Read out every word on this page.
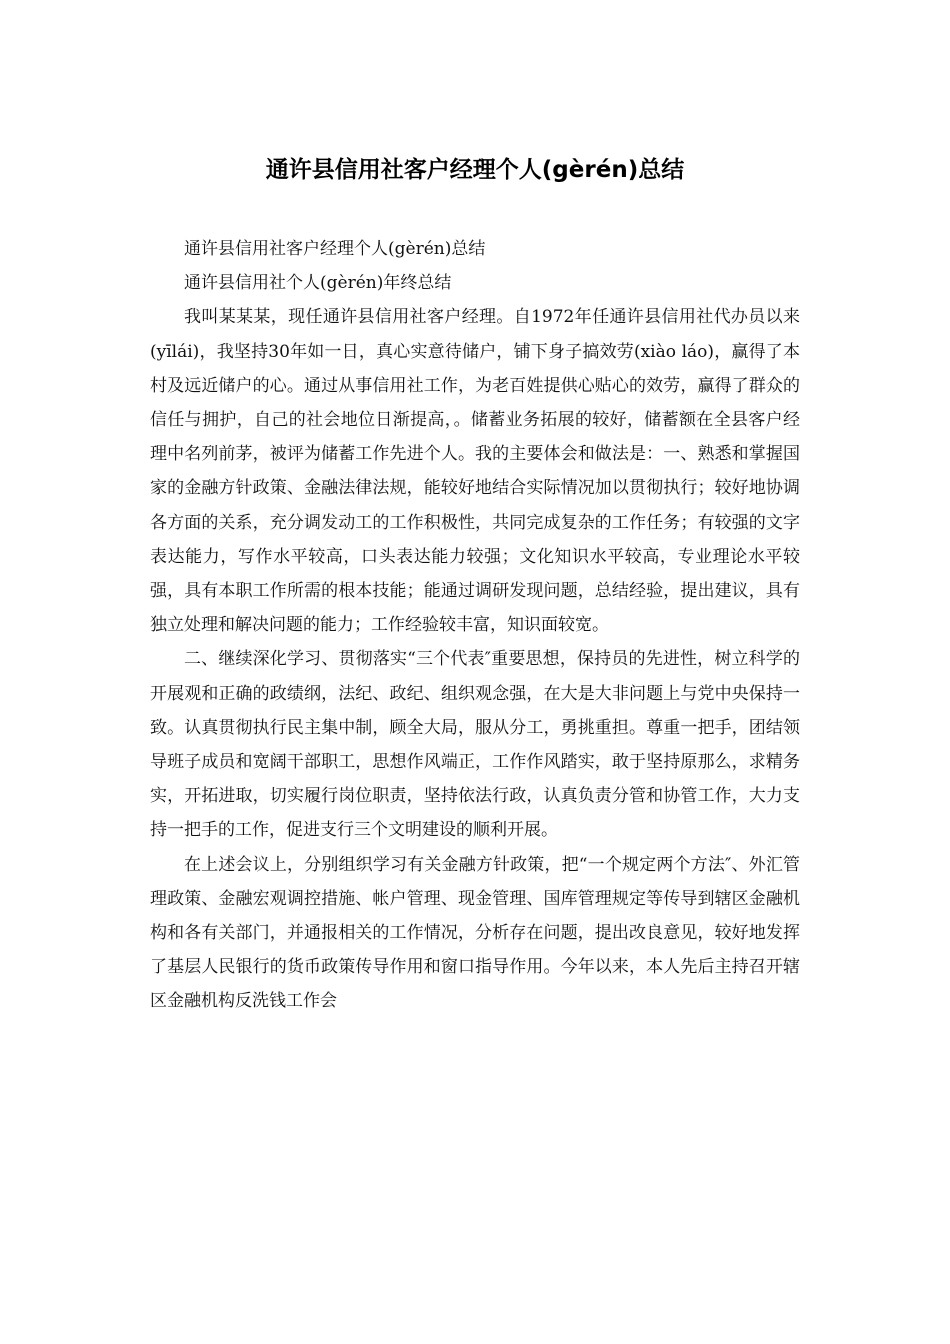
通许县信用社客户经理个人(gèrén)总结

通许县信用社客户经理个人(gèrén)总结

通许县信用社个人(gèrén)年终总结

我叫某某某，现任通许县信用社客户经理。自1972年任通许县信用社代办员以来(yīlái)，我坚持30年如一日，真心实意待储户，铺下身子搞效劳(xiào láo)，赢得了本村及远近储户的心。通过从事信用社工作，为老百姓提供心贴心的效劳，赢得了群众的信任与拥护，自己的社会地位日渐提高，。储蓄业务拓展的较好，储蓄额在全县客户经理中名列前茅，被评为储蓄工作先进个人。我的主要体会和做法是：一、熟悉和掌握国家的金融方针政策、金融法律法规，能较好地结合实际情况加以贯彻执行；较好地协调各方面的关系，充分调发动工的工作积极性，共同完成复杂的工作任务；有较强的文字表达能力，写作水平较高，口头表达能力较强；文化知识水平较高，专业理论水平较强，具有本职工作所需的根本技能；能通过调研发现问题，总结经验，提出建议，具有独立处理和解决问题的能力；工作经验较丰富，知识面较宽。

二、继续深化学习、贯彻落实“三个代表″重要思想，保持员的先进性，树立科学的开展观和正确的政绩纲，法纪、政纪、组织观念强，在大是大非问题上与党中央保持一致。认真贯彻执行民主集中制，顾全大局，服从分工，勇挑重担。尊重一把手，团结领导班子成员和宽阔干部职工，思想作风端正，工作作风踏实，敢于坚持原那么，求精务实，开拓进取，切实履行岗位职责，坚持依法行政，认真负责分管和协管工作，大力支持一把手的工作，促进支行三个文明建设的顺利开展。

在上述会议上，分别组织学习有关金融方针政策，把“一个规定两个方法″、外汇管理政策、金融宏观调控措施、帐户管理、现金管理、国库管理规定等传导到辖区金融机构和各有关部门，并通报相关的工作情况，分析存在问题，提出改良意见，较好地发挥了基层人民银行的货币政策传导作用和窗口指导作用。今年以来，本人先后主持召开辖区金融机构反洗钱工作会
